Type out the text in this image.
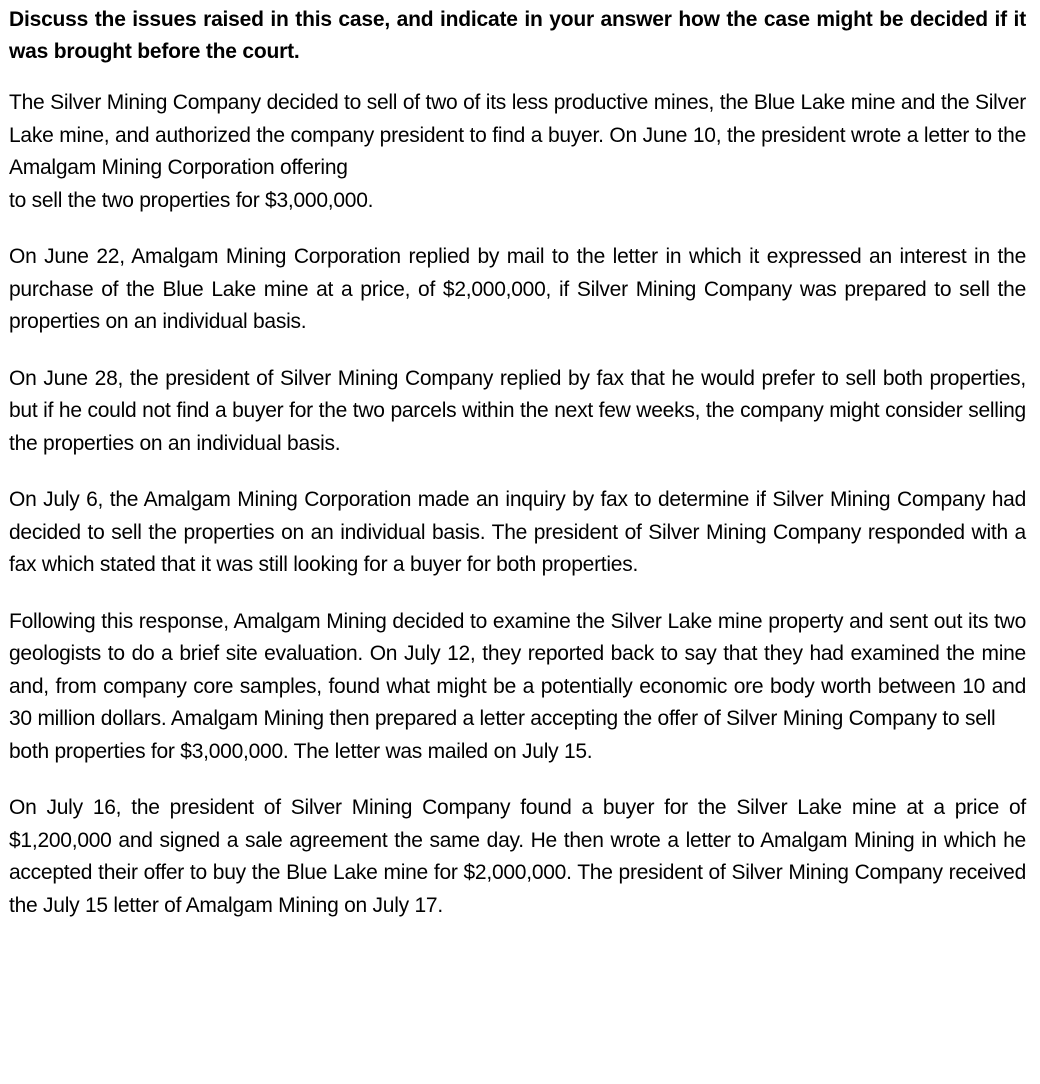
Discuss the issues raised in this case, and indicate in your answer how the case might be decided if it was brought before the court.

The Silver Mining Company decided to sell of two of its less productive mines, the Blue Lake mine and the Silver Lake mine, and authorized the company president to find a buyer. On June 10, the president wrote a letter to the Amalgam Mining Corporation offering
to sell the two properties for $3,000,000.

On June 22, Amalgam Mining Corporation replied by mail to the letter in which it expressed an interest in the purchase of the Blue Lake mine at a price, of $2,000,000, if Silver Mining Company was prepared to sell the properties on an individual basis.

On June 28, the president of Silver Mining Company replied by fax that he would prefer to sell both properties, but if he could not find a buyer for the two parcels within the next few weeks, the company might consider selling the properties on an individual basis.

On July 6, the Amalgam Mining Corporation made an inquiry by fax to determine if Silver Mining Company had decided to sell the properties on an individual basis. The president of Silver Mining Company responded with a fax which stated that it was still looking for a buyer for both properties.

Following this response, Amalgam Mining decided to examine the Silver Lake mine property and sent out its two geologists to do a brief site evaluation. On July 12, they reported back to say that they had examined the mine and, from company core samples, found what might be a potentially economic ore body worth between 10 and 30 million dollars. Amalgam Mining then prepared a letter accepting the offer of Silver Mining Company to sell
both properties for $3,000,000. The letter was mailed on July 15.

On July 16, the president of Silver Mining Company found a buyer for the Silver Lake mine at a price of $1,200,000 and signed a sale agreement the same day. He then wrote a letter to Amalgam Mining in which he accepted their offer to buy the Blue Lake mine for $2,000,000. The president of Silver Mining Company received the July 15 letter of Amalgam Mining on July 17.
